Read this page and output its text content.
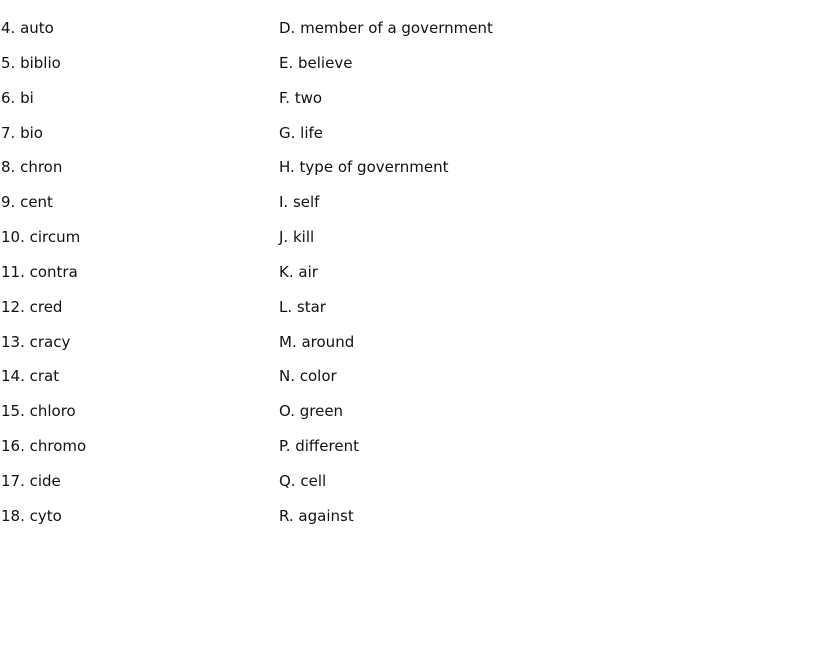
4. auto	D. member of a government
5. biblio	E. believe
6. bi	F. two
7. bio	G. life
8. chron	H. type of government
9. cent	I. self
10. circum	J. kill
11. contra	K. air
12. cred	L. star
13. cracy	M. around
14. crat	N. color
15. chloro	O. green
16. chromo	P. different
17. cide	Q. cell
18. cyto	R. against
